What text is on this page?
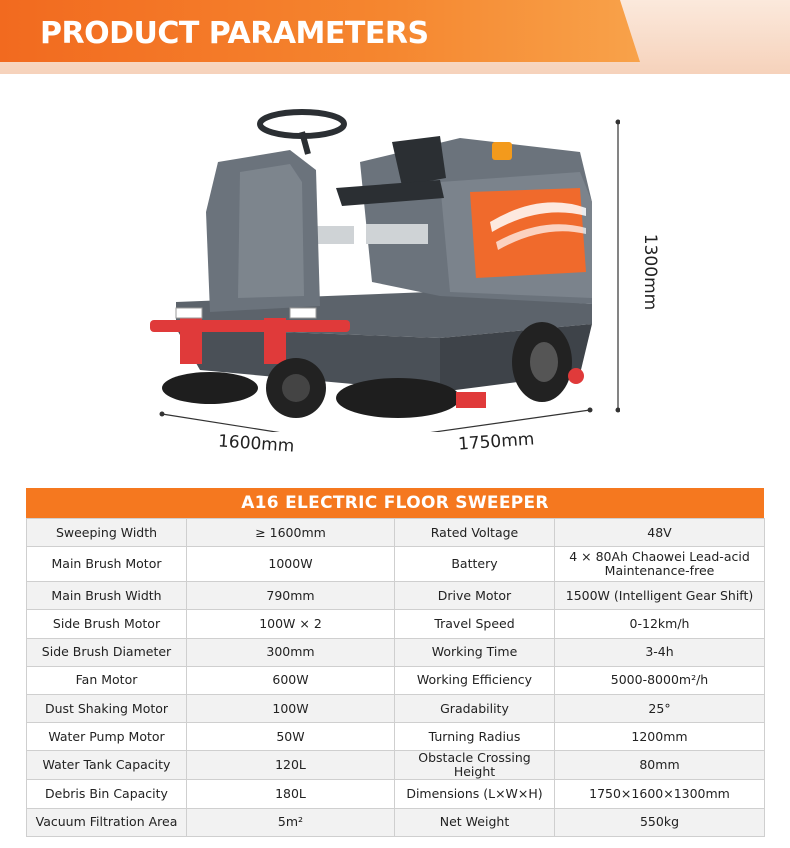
PRODUCT PARAMETERS
1600mm	1750mm
1300mm
A16 ELECTRIC FLOOR SWEEPER
Sweeping Width	≥ 1600mm	Rated Voltage	48V
Main Brush Motor	1000W	Battery	4 × 80Ah Chaowei Lead-acid Maintenance-free
Main Brush Width	790mm	Drive Motor	1500W (Intelligent Gear Shift)
Side Brush Motor	100W × 2	Travel Speed	0-12km/h
Side Brush Diameter	300mm	Working Time	3-4h
Fan Motor	600W	Working Efficiency	5000-8000m²/h
Dust Shaking Motor	100W	Gradability	25°
Water Pump Motor	50W	Turning Radius	1200mm
Water Tank Capacity	120L	Obstacle Crossing Height	80mm
Debris Bin Capacity	180L	Dimensions (L×W×H)	1750×1600×1300mm
Vacuum Filtration Area	5m²	Net Weight	550kg
